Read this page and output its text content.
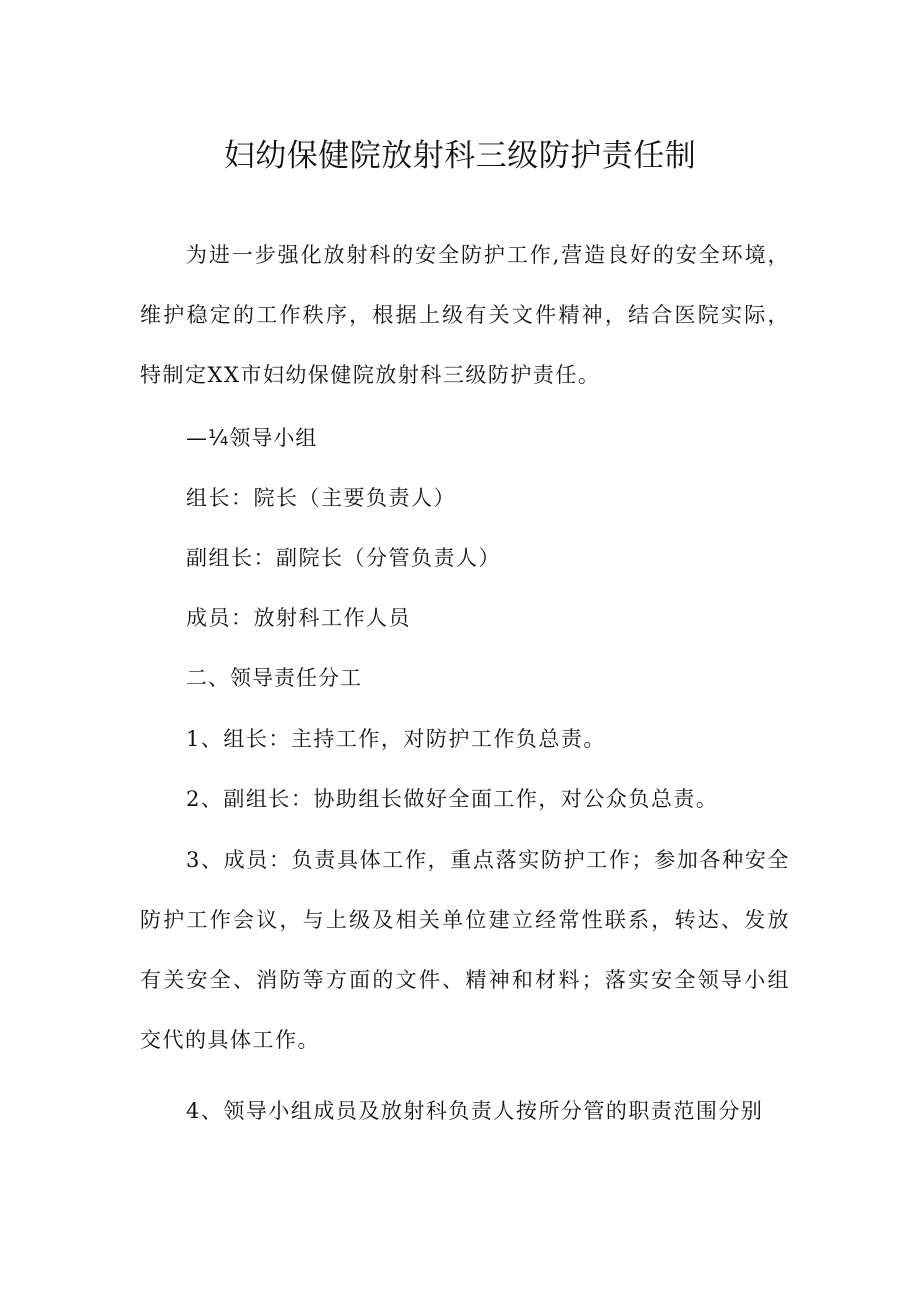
妇幼保健院放射科三级防护责任制

为进一步强化放射科的安全防护工作,营造良好的安全环境，维护稳定的工作秩序，根据上级有关文件精神，结合医院实际，特制定XX市妇幼保健院放射科三级防护责任。

—¼领导小组

组长：院长（主要负责人）

副组长：副院长（分管负责人）

成员：放射科工作人员

二、领导责任分工

1、组长：主持工作，对防护工作负总责。

2、副组长：协助组长做好全面工作，对公众负总责。

3、成员：负责具体工作，重点落实防护工作；参加各种安全防护工作会议，与上级及相关单位建立经常性联系，转达、发放有关安全、消防等方面的文件、精神和材料；落实安全领导小组交代的具体工作。

4、领导小组成员及放射科负责人按所分管的职责范围分别
